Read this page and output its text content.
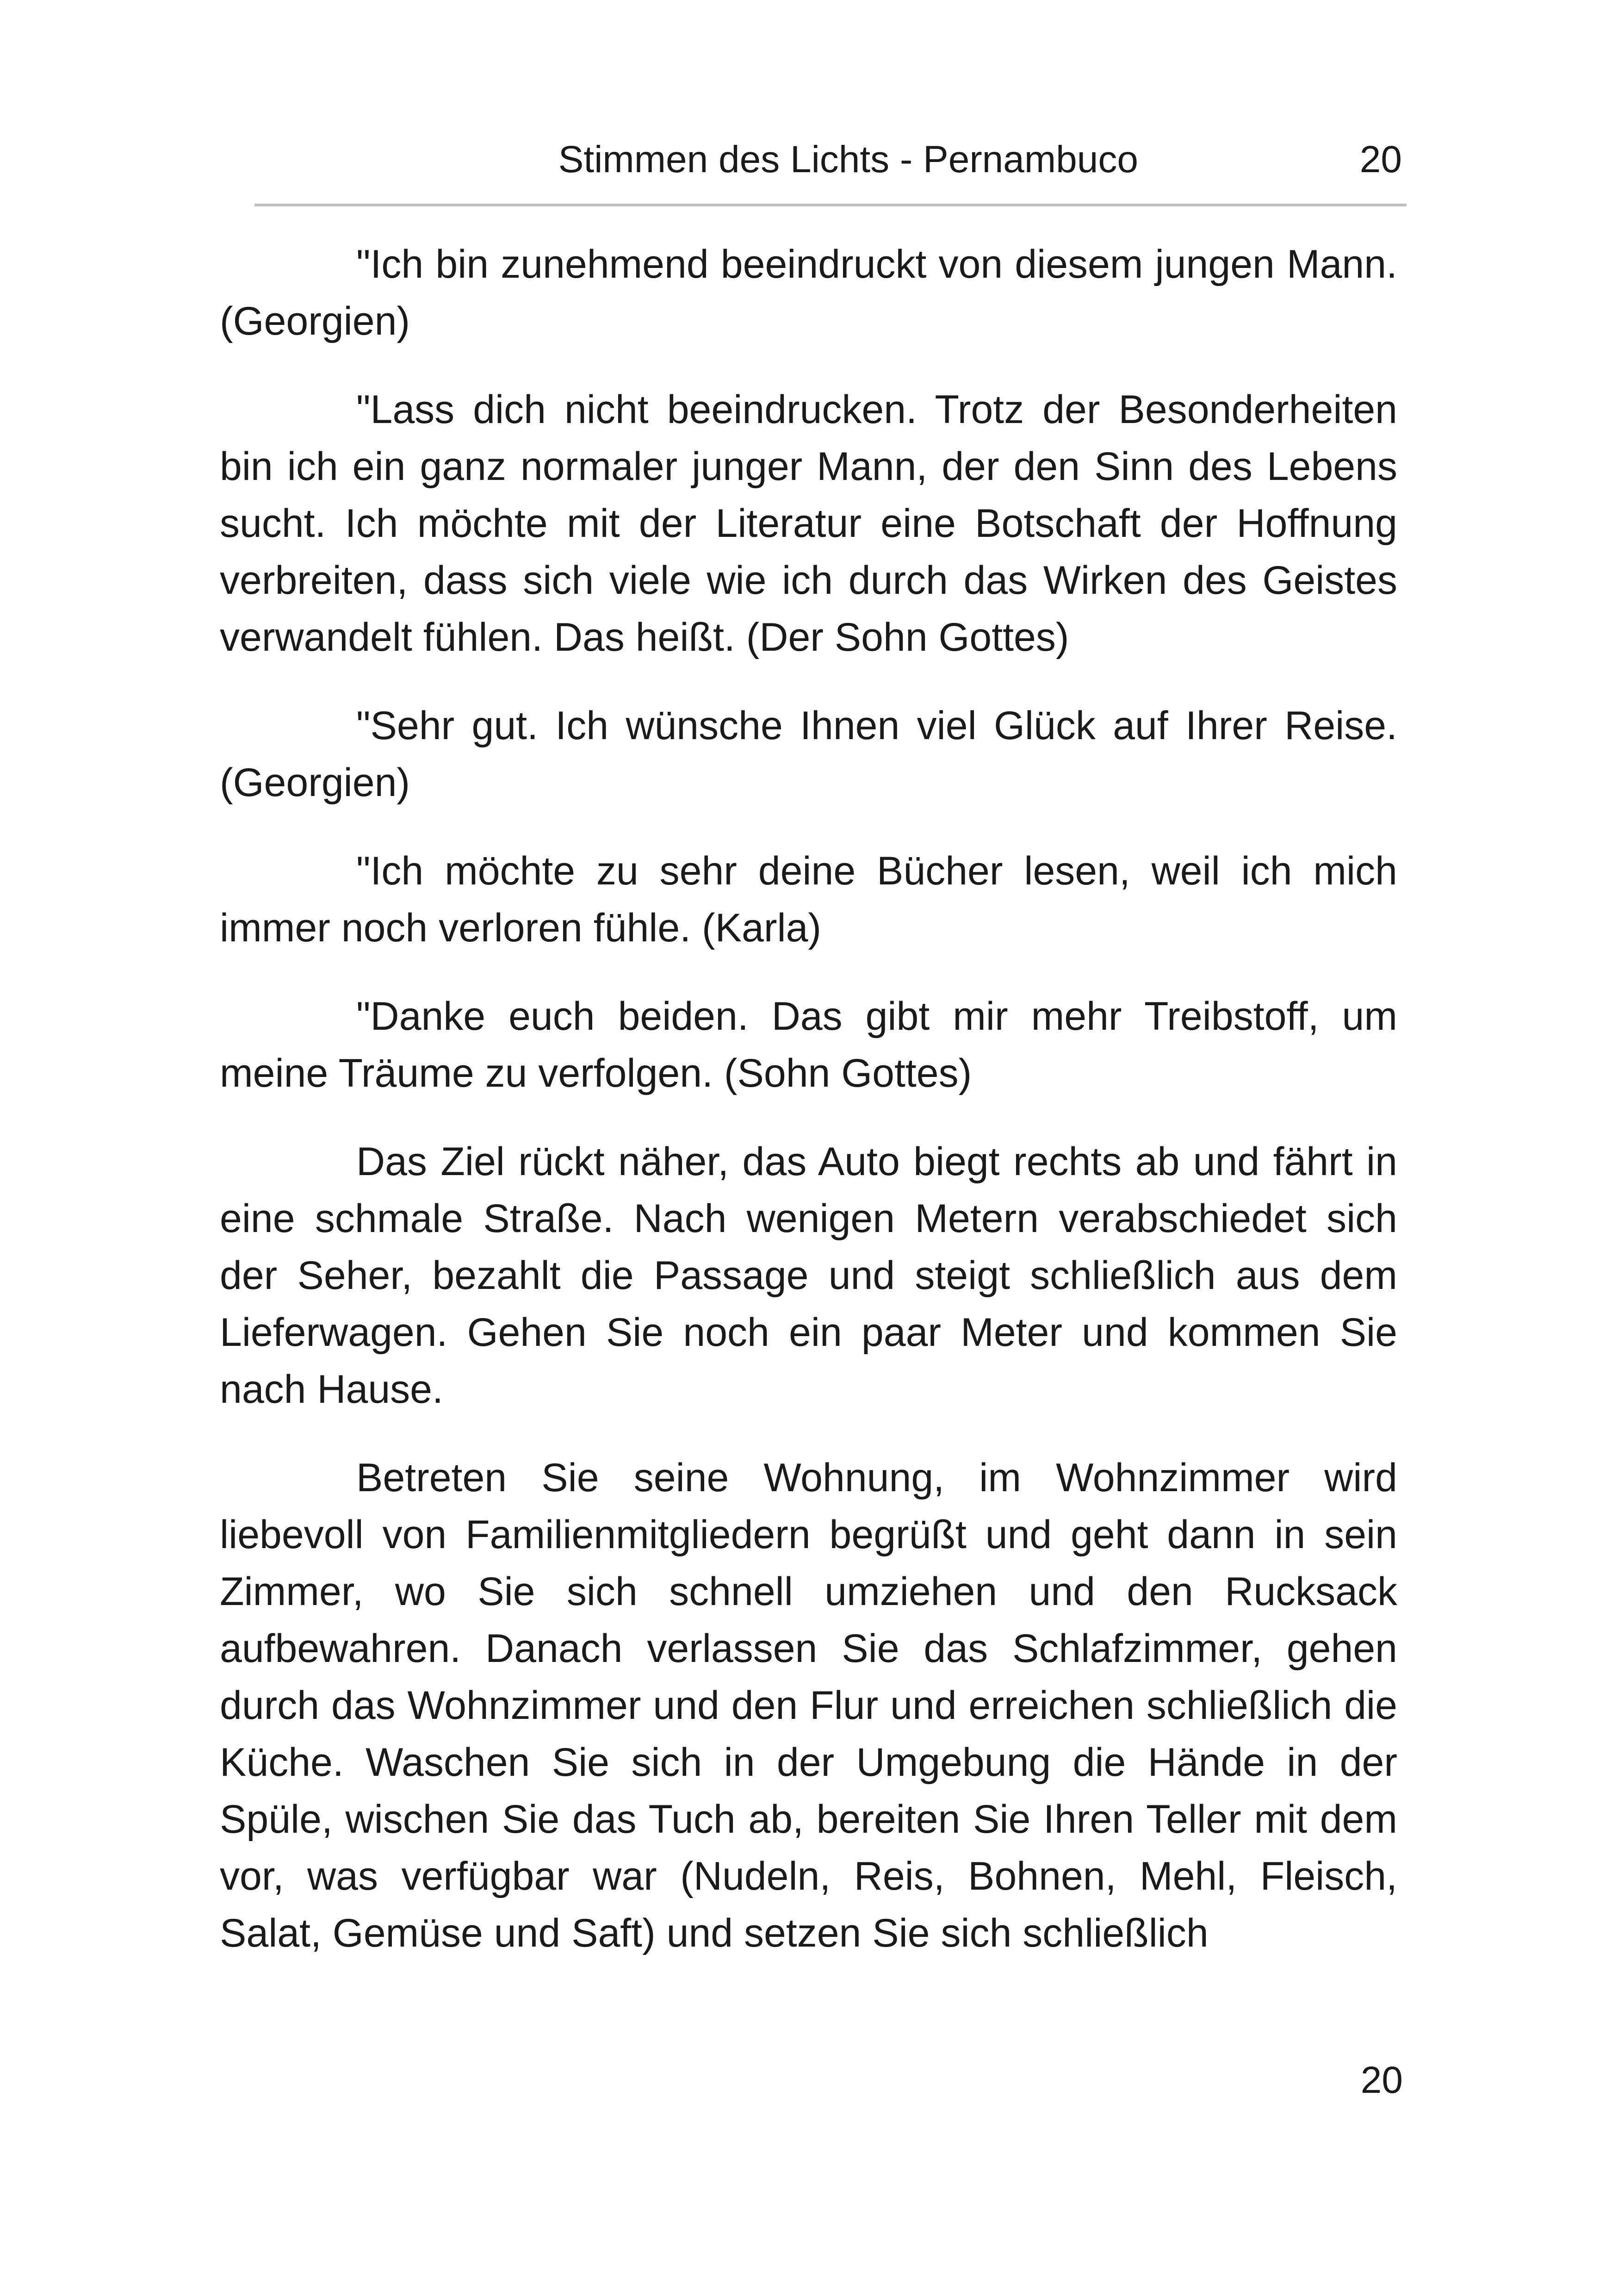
Stimmen des Lichts - Pernambuco	20

"Ich bin zunehmend beeindruckt von diesem jungen Mann. (Georgien)

"Lass dich nicht beeindrucken. Trotz der Besonderheiten bin ich ein ganz normaler junger Mann, der den Sinn des Lebens sucht. Ich möchte mit der Literatur eine Botschaft der Hoffnung verbreiten, dass sich viele wie ich durch das Wirken des Geistes verwandelt fühlen. Das heißt. (Der Sohn Gottes)

"Sehr gut. Ich wünsche Ihnen viel Glück auf Ihrer Reise. (Georgien)

"Ich möchte zu sehr deine Bücher lesen, weil ich mich immer noch verloren fühle. (Karla)

"Danke euch beiden. Das gibt mir mehr Treibstoff, um meine Träume zu verfolgen. (Sohn Gottes)

Das Ziel rückt näher, das Auto biegt rechts ab und fährt in eine schmale Straße. Nach wenigen Metern verabschiedet sich der Seher, bezahlt die Passage und steigt schließlich aus dem Lieferwagen. Gehen Sie noch ein paar Meter und kommen Sie nach Hause.

Betreten Sie seine Wohnung, im Wohnzimmer wird liebevoll von Familienmitgliedern begrüßt und geht dann in sein Zimmer, wo Sie sich schnell umziehen und den Rucksack aufbewahren. Danach verlassen Sie das Schlafzimmer, gehen durch das Wohnzimmer und den Flur und erreichen schließlich die Küche. Waschen Sie sich in der Umgebung die Hände in der Spüle, wischen Sie das Tuch ab, bereiten Sie Ihren Teller mit dem vor, was verfügbar war (Nudeln, Reis, Bohnen, Mehl, Fleisch, Salat, Gemüse und Saft) und setzen Sie sich schließlich

20
